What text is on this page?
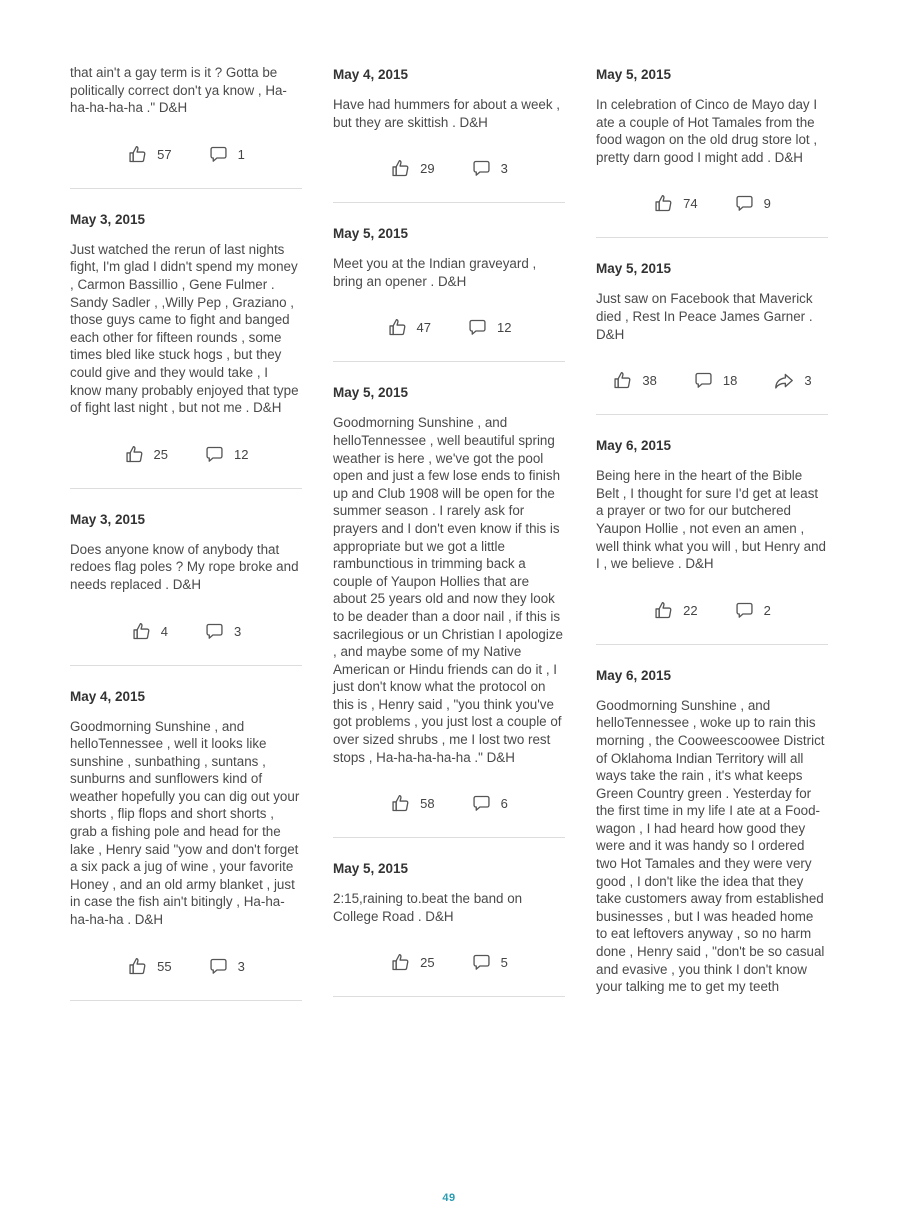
that ain't a gay term is it ? Gotta be politically correct don't ya know , Ha-ha-ha-ha-ha ." D&H
57	1
May 3, 2015
Just watched the rerun of last nights fight, I'm glad I didn't spend my money , Carmon Bassillio , Gene Fulmer . Sandy Sadler , ,Willy Pep , Graziano , those guys came to fight and banged each other for fifteen rounds , some times bled like stuck hogs , but they could give and they would take , I know many probably enjoyed that type of fight last night , but not me . D&H
25	12
May 3, 2015
Does anyone know of anybody that redoes flag poles ? My rope broke and needs replaced . D&H
4	3
May 4, 2015
Goodmorning Sunshine , and helloTennessee , well it looks like sunshine , sunbathing , suntans , sunburns and sunflowers kind of weather hopefully you can dig out your shorts , flip flops and short shorts , grab a fishing pole and head for the lake , Henry said "yow and don't forget a six pack a jug of wine , your favorite Honey , and an old army blanket , just in case the fish ain't bitingly , Ha-ha-ha-ha-ha . D&H
55	3
May 4, 2015
Have had hummers for about a week , but they are skittish . D&H
29	3
May 5, 2015
Meet you at the Indian graveyard , bring an opener . D&H
47	12
May 5, 2015
Goodmorning Sunshine , and helloTennessee , well beautiful spring weather is here , we've got the pool open and just a few lose ends to finish up and Club 1908 will be open for the summer season . I rarely ask for prayers and I don't even know if this is appropriate but we got a little rambunctious in trimming back a couple of Yaupon Hollies that are about 25 years old and now they look to be deader than a door nail , if this is sacrilegious or un Christian I apologize , and maybe some of my Native American or Hindu friends can do it , I just don't know what the protocol on this is , Henry said , "you think you've got problems , you just lost a couple of over sized shrubs , me I lost two rest stops , Ha-ha-ha-ha-ha ." D&H
58	6
May 5, 2015
2:15,raining to.beat the band on College Road . D&H
25	5
May 5, 2015
In celebration of Cinco de Mayo day I ate a couple of Hot Tamales from the food wagon on the old drug store lot , pretty darn good I might add . D&H
74	9
May 5, 2015
Just saw on Facebook that Maverick died , Rest In Peace James Garner . D&H
38	18	3
May 6, 2015
Being here in the heart of the Bible Belt , I thought for sure I'd get at least a prayer or two for our butchered Yaupon Hollie , not even an amen , well think what you will , but Henry and I , we believe . D&H
22	2
May 6, 2015
Goodmorning Sunshine , and helloTennessee , woke up to rain this morning , the Cooweescoowee District of Oklahoma Indian Territory will all ways take the rain , it's what keeps Green Country green . Yesterday for the first time in my life I ate at a Food-wagon , I had heard how good they were and it was handy so I ordered two Hot Tamales and they were very good , I don't like the idea that they take customers away from established businesses , but I was headed home to eat leftovers anyway , so no harm done , Henry said , "don't be so casual and evasive , you think I don't know your talking me to get my teeth
49
